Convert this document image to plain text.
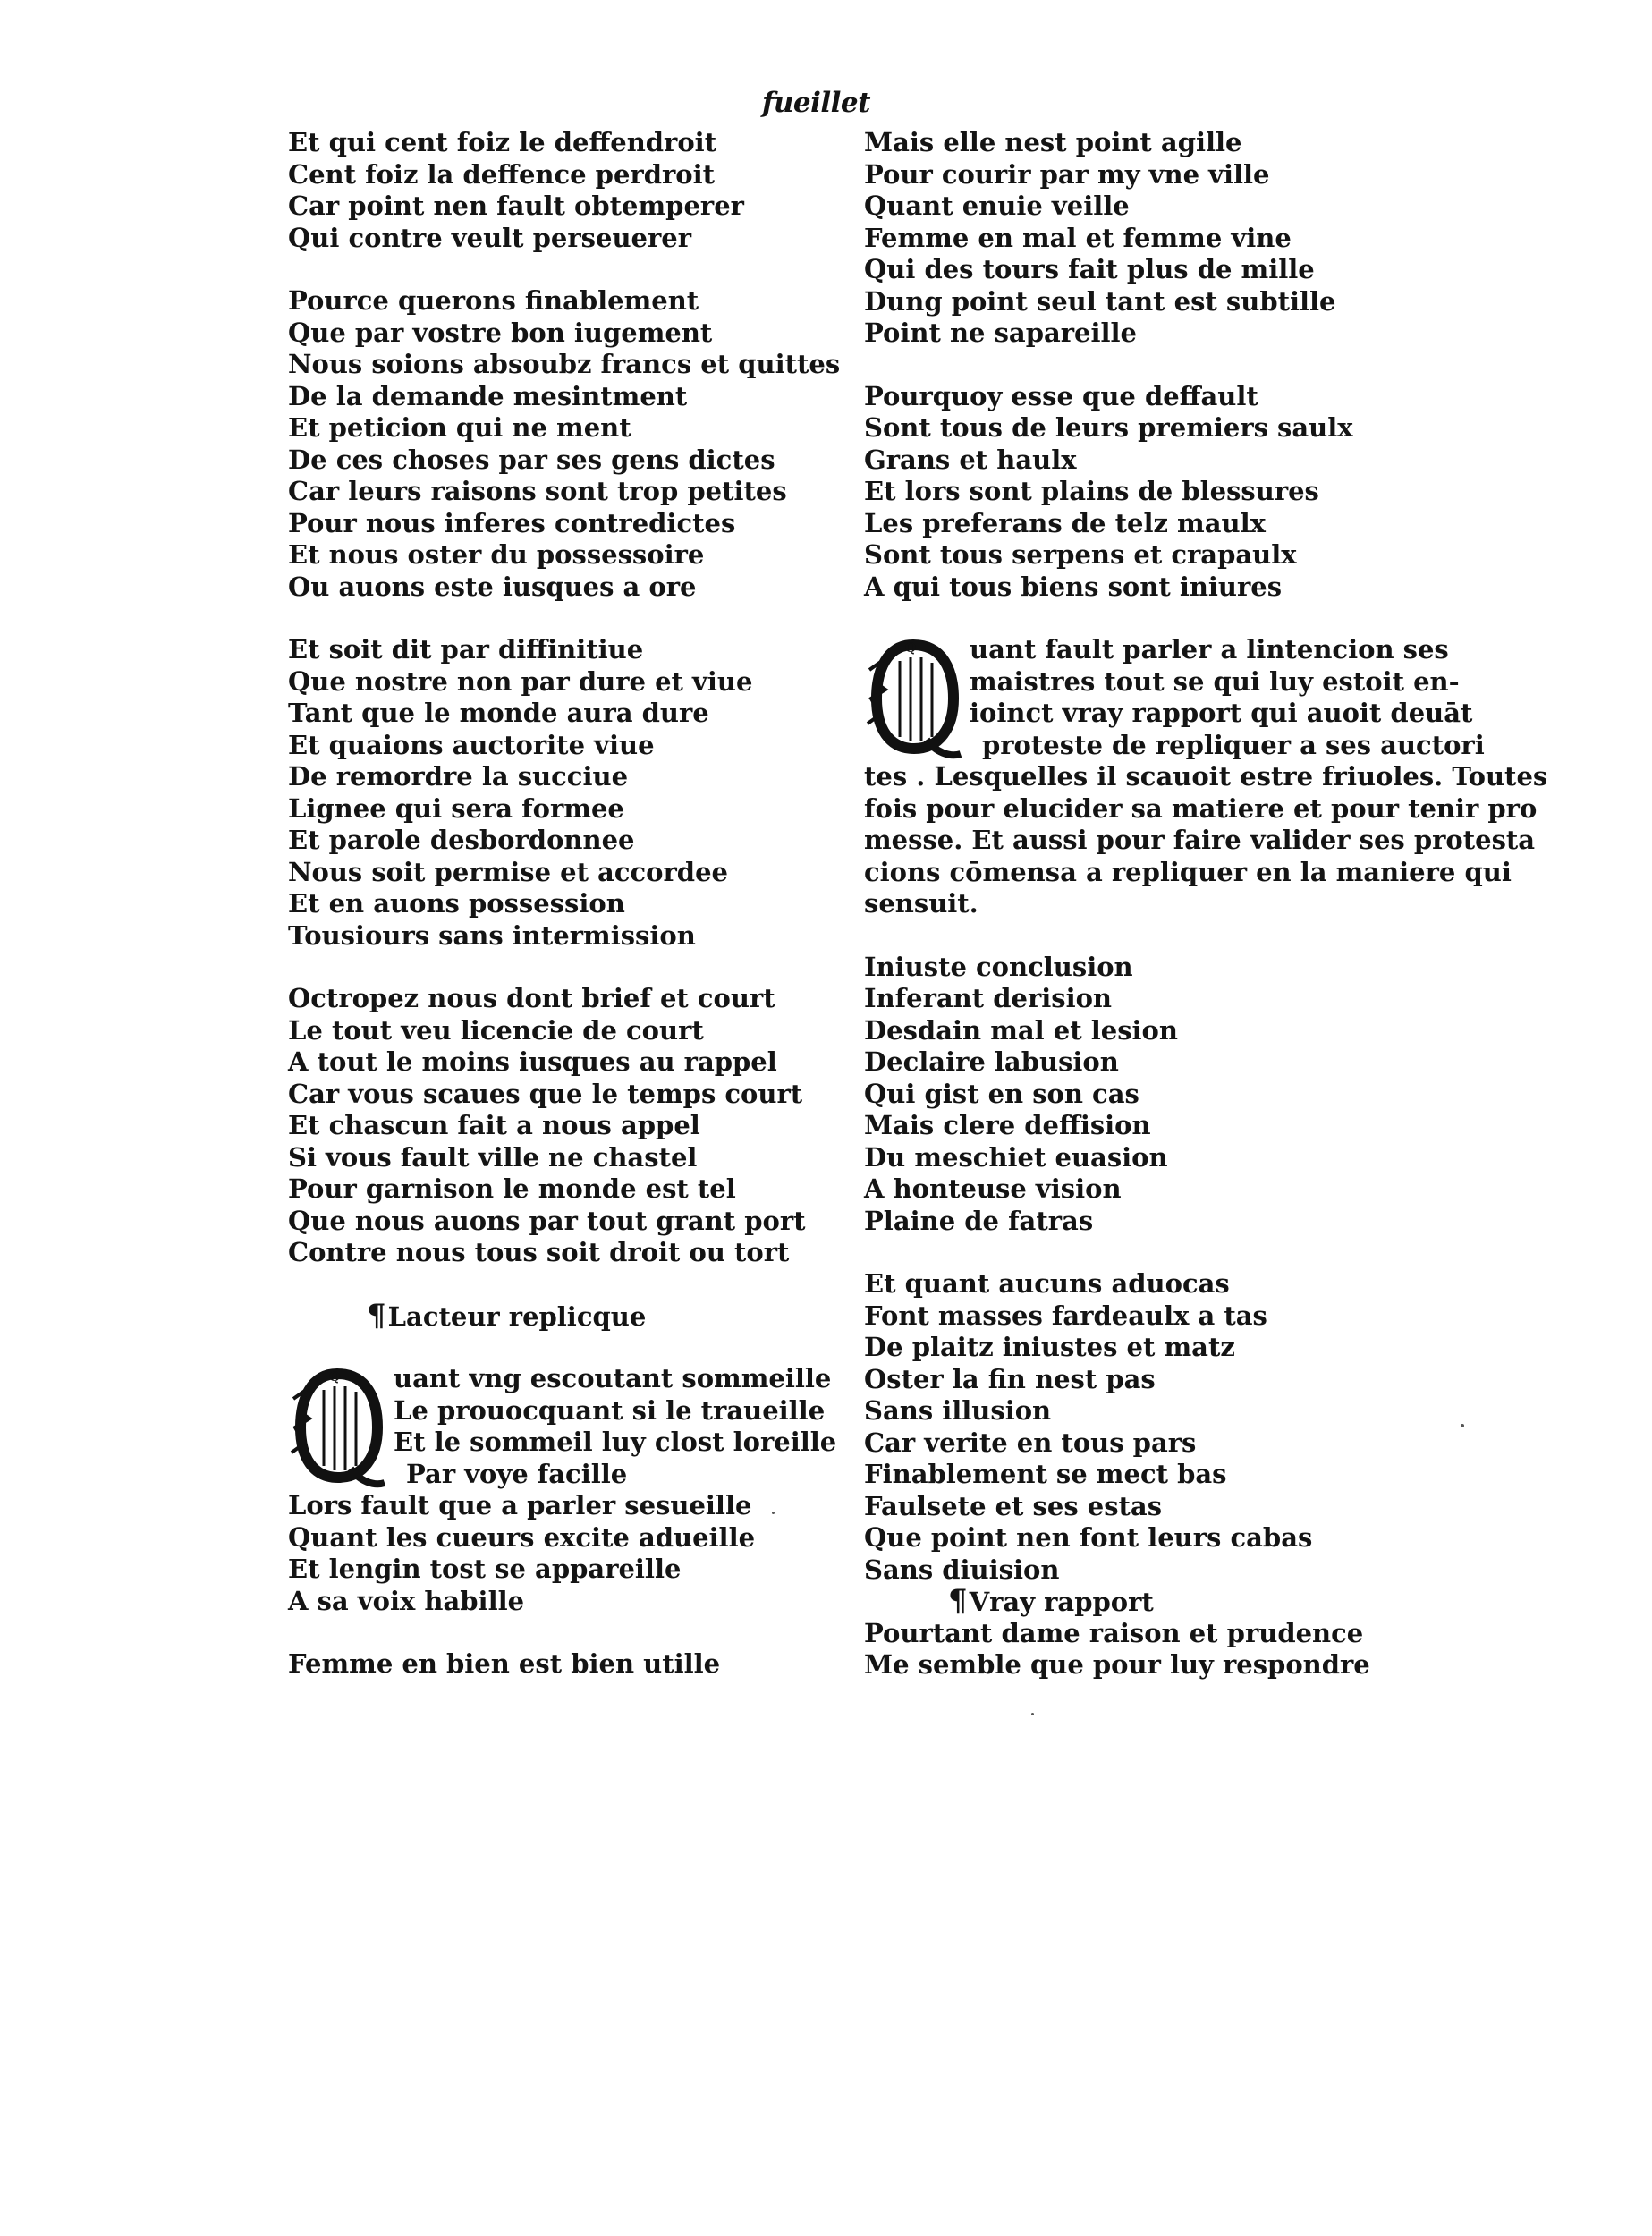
fueillet
Et qui cent foiz le deffendroit
Cent foiz la deffence perdroit
Car point nen fault obtemperer
Qui contre veult perseuerer
Pource querons finablement
Que par vostre bon iugement
Nous soions absoubz francs et quittes
De la demande mesintment
Et peticion qui ne ment
De ces choses par ses gens dictes
Car leurs raisons sont trop petites
Pour nous inferes contredictes
Et nous oster du possessoire
Ou auons este iusques a ore
Et soit dit par diffinitiue
Que nostre non par dure et viue
Tant que le monde aura dure
Et quaions auctorite viue
De remordre la succiue
Lignee qui sera formee
Et parole desbordonnee
Nous soit permise et accordee
Et en auons possession
Tousiours sans intermission
Octropez nous dont brief et court
Le tout veu licencie de court
A tout le moins iusques au rappel
Car vous scaues que le temps court
Et chascun fait a nous appel
Si vous fault ville ne chastel
Pour garnison le monde est tel
Que nous auons par tout grant port
Contre nous tous soit droit ou tort
¶Lacteur replicque
Q uant vng escoutant sommeille
Le prouocquant si le traueille
Et le sommeil luy clost loreille
Par voye facille
Lors fault que a parler sesueille
Quant les cueurs excite adueille
Et lengin tost se appareille
A sa voix habille
Femme en bien est bien utille
Mais elle nest point agille
Pour courir par my vne ville
Quant enuie veille
Femme en mal et femme vine
Qui des tours fait plus de mille
Dung point seul tant est subtille
Point ne sapareille
Pourquoy esse que deffault
Sont tous de leurs premiers saulx
Grans et haulx
Et lors sont plains de blessures
Les preferans de telz maulx
Sont tous serpens et crapaulx
A qui tous biens sont iniures
Q uant fault parler a lintencion ses
maistres tout se qui luy estoit en-
ioinct vray rapport qui auoit deuāt
proteste de repliquer a ses auctori
tes . Lesquelles il scauoit estre friuoles. Toutes
fois pour elucider sa matiere et pour tenir pro
messe. Et aussi pour faire valider ses protesta
cions cōmensa a repliquer en la maniere qui
sensuit.
Iniuste conclusion
Inferant derision
Desdain mal et lesion
Declaire labusion
Qui gist en son cas
Mais clere deffision
Du meschiet euasion
A honteuse vision
Plaine de fatras
Et quant aucuns aduocas
Font masses fardeaulx a tas
De plaitz iniustes et matz
Oster la fin nest pas
Sans illusion
Car verite en tous pars
Finablement se mect bas
Faulsete et ses estas
Que point nen font leurs cabas
Sans diuision
¶Vray rapport
Pourtant dame raison et prudence
Me semble que pour luy respondre
